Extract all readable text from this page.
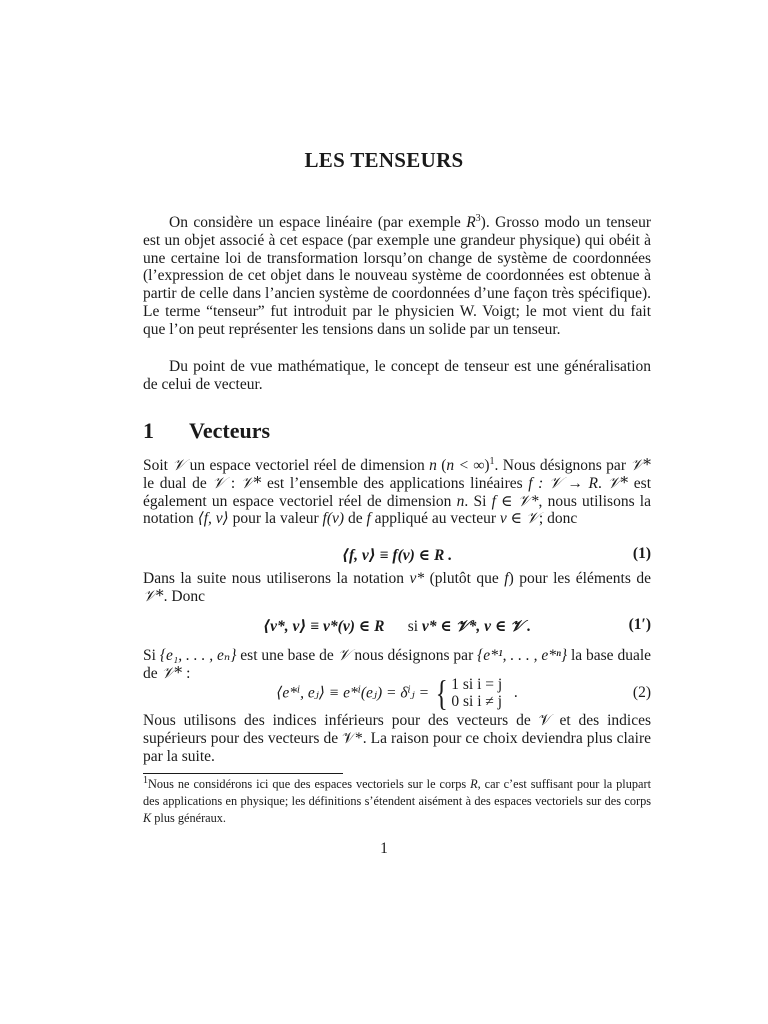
LES TENSEURS
On considère un espace linéaire (par exemple $R^3$). Grosso modo un tenseur est un objet associé à cet espace (par exemple une grandeur physique) qui obéit à une certaine loi de transformation lorsqu’on change de système de coordonnées (l’expression de cet objet dans le nouveau système de coordonnées est obtenue à partir de celle dans l’ancien système de coordonnées d’une façon très spécifique). Le terme “tenseur” fut introduit par le physicien W. Voigt; le mot vient du fait que l’on peut représenter les tensions dans un solide par un tenseur.
Du point de vue mathématique, le concept de tenseur est une généralisation de celui de vecteur.
1 Vecteurs
Soit 𝒱 un espace vectoriel réel de dimension n (n < ∞)$^1$. Nous désignons par 𝒱* le dual de 𝒱 : 𝒱* est l’ensemble des applications linéaires f : 𝒱 → R. 𝒱* est également un espace vectoriel réel de dimension n. Si f ∈ 𝒱*, nous utilisons la notation ⟨f, v⟩ pour la valeur f(v) de f appliqué au vecteur v ∈ 𝒱; donc
⟨f, v⟩ ≡ f(v) ∈ R .	(1)
Dans la suite nous utiliserons la notation v* (plutôt que f) pour les éléments de 𝒱*. Donc
⟨v*, v⟩ ≡ v*(v) ∈ R si v* ∈ 𝒱*, v ∈ 𝒱 .	(1′)
Si {e₁, . . . , eₙ} est une base de 𝒱 nous désignons par {e*¹, . . . , e*ⁿ} la base duale de 𝒱* :
⟨e*ⁱ, eⱼ⟩ ≡ e*ⁱ(eⱼ) = δⁱⱼ = { 1 si i = j
0 si i ≠ j
.	(2)
Nous utilisons des indices inférieurs pour des vecteurs de 𝒱 et des indices supérieurs pour des vecteurs de 𝒱*. La raison pour ce choix deviendra plus claire par la suite.
$^1$Nous ne considérons ici que des espaces vectoriels sur le corps R, car c’est suffisant pour la plupart des applications en physique; les définitions s’étendent aisément à des espaces vectoriels sur des corps K plus généraux.
1
